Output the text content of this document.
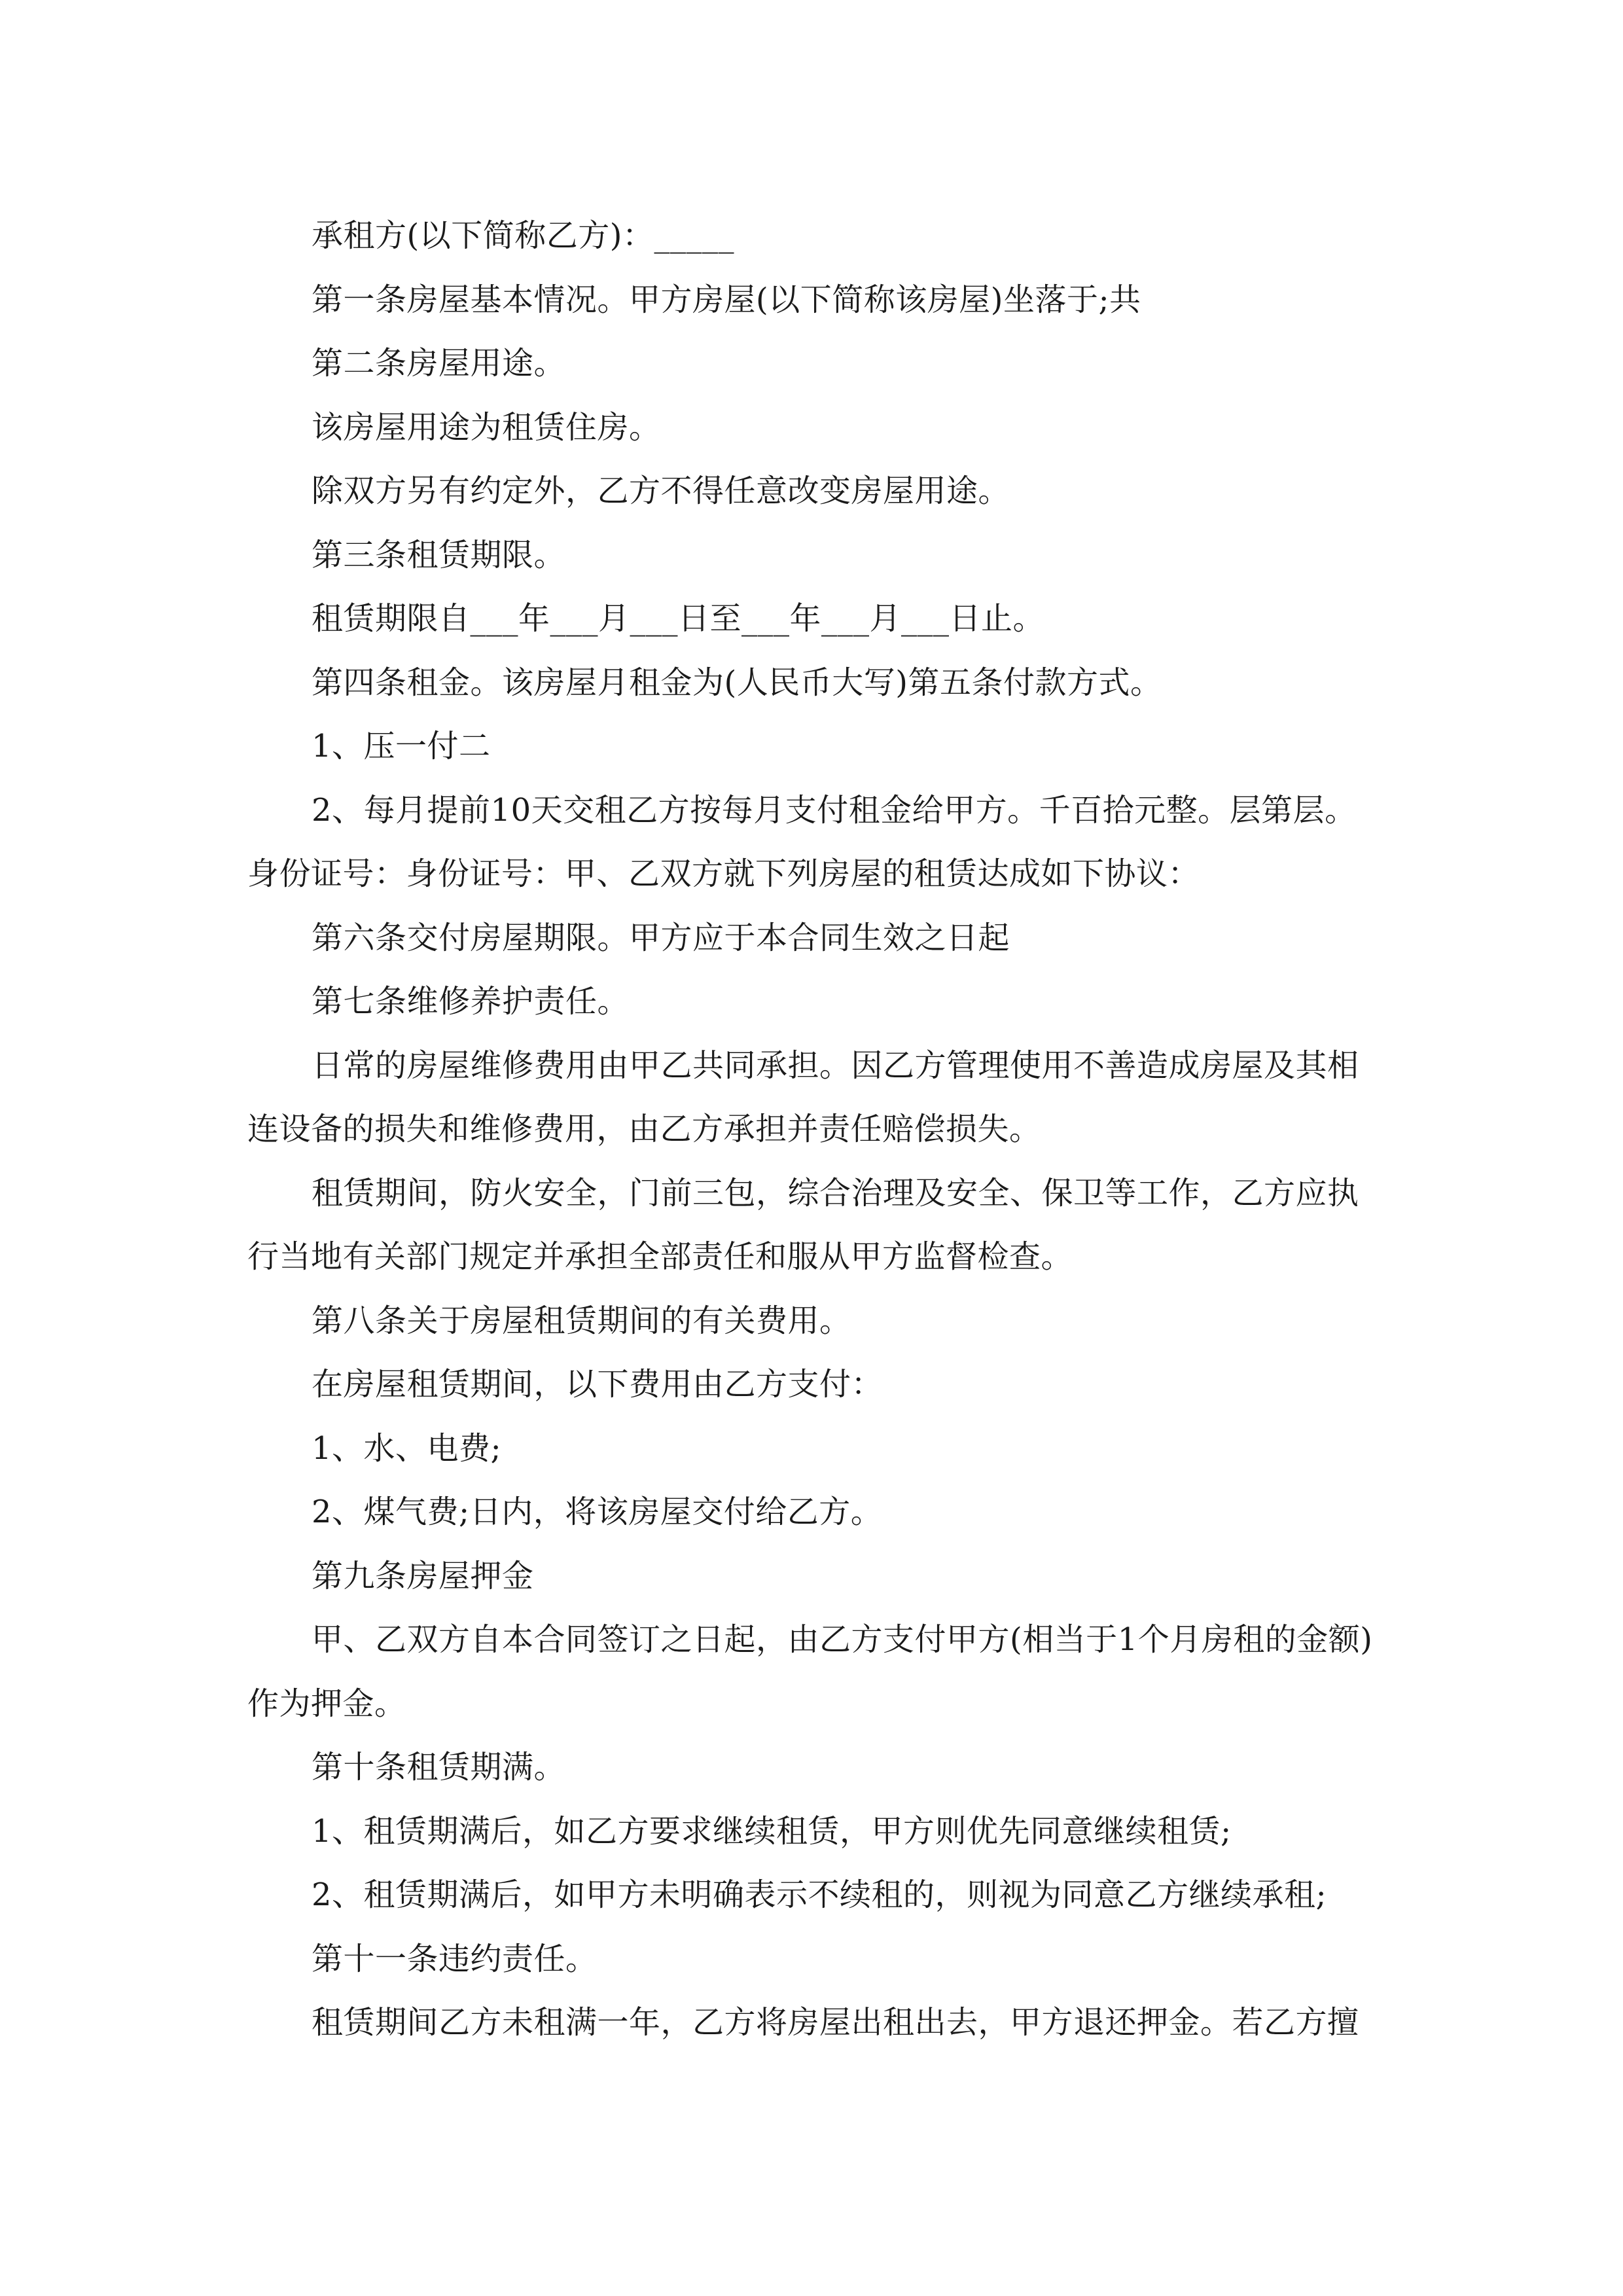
承租方(以下简称乙方)：_____

第一条房屋基本情况。甲方房屋(以下简称该房屋)坐落于;共

第二条房屋用途。

该房屋用途为租赁住房。

除双方另有约定外，乙方不得任意改变房屋用途。

第三条租赁期限。

租赁期限自___年___月___日至___年___月___日止。

第四条租金。该房屋月租金为(人民币大写)第五条付款方式。

1、压一付二

2、每月提前10天交租乙方按每月支付租金给甲方。千百拾元整。层第层。身份证号：身份证号：甲、乙双方就下列房屋的租赁达成如下协议：

第六条交付房屋期限。甲方应于本合同生效之日起

第七条维修养护责任。

日常的房屋维修费用由甲乙共同承担。因乙方管理使用不善造成房屋及其相连设备的损失和维修费用，由乙方承担并责任赔偿损失。

租赁期间，防火安全，门前三包，综合治理及安全、保卫等工作，乙方应执行当地有关部门规定并承担全部责任和服从甲方监督检查。

第八条关于房屋租赁期间的有关费用。

在房屋租赁期间，以下费用由乙方支付：

1、水、电费;

2、煤气费;日内，将该房屋交付给乙方。

第九条房屋押金

甲、乙双方自本合同签订之日起，由乙方支付甲方(相当于1个月房租的金额)作为押金。

第十条租赁期满。

1、租赁期满后，如乙方要求继续租赁，甲方则优先同意继续租赁;

2、租赁期满后，如甲方未明确表示不续租的，则视为同意乙方继续承租;

第十一条违约责任。

租赁期间乙方未租满一年，乙方将房屋出租出去，甲方退还押金。若乙方擅
